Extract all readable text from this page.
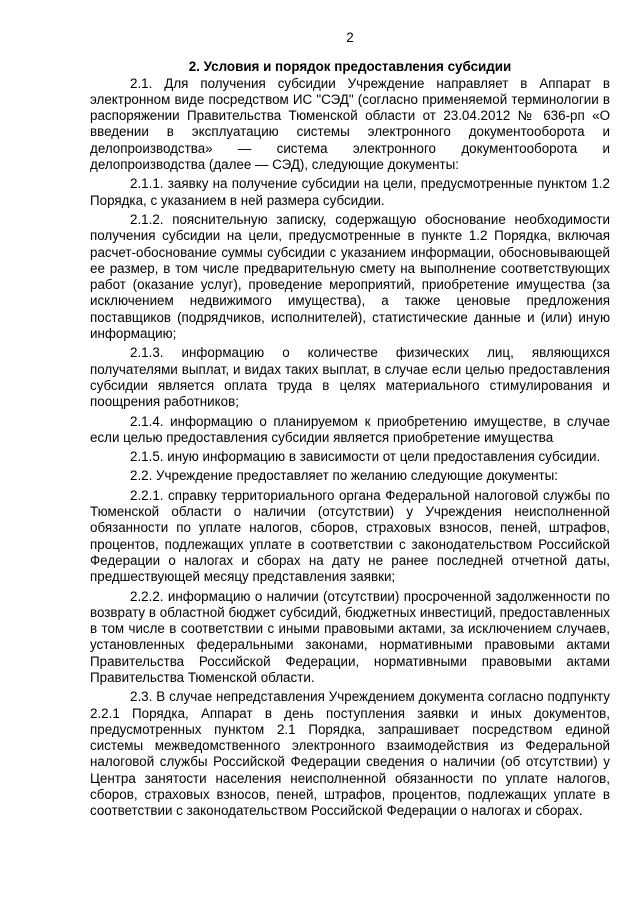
2
2. Условия и порядок предоставления субсидии

2.1. Для получения субсидии Учреждение направляет в Аппарат в электронном виде посредством ИС "СЭД" (согласно применяемой терминологии в распоряжении Правительства Тюменской области от 23.04.2012 № 636-рп «О введении в эксплуатацию системы электронного документооборота и делопроизводства» — система электронного документооборота и делопроизводства (далее — СЭД), следующие документы:

2.1.1. заявку на получение субсидии на цели, предусмотренные пунктом 1.2 Порядка, с указанием в ней размера субсидии.

2.1.2. пояснительную записку, содержащую обоснование необходимости получения субсидии на цели, предусмотренные в пункте 1.2 Порядка, включая расчет-обоснование суммы субсидии с указанием информации, обосновывающей ее размер, в том числе предварительную смету на выполнение соответствующих работ (оказание услуг), проведение мероприятий, приобретение имущества (за исключением недвижимого имущества), а также ценовые предложения поставщиков (подрядчиков, исполнителей), статистические данные и (или) иную информацию;

2.1.3. информацию о количестве физических лиц, являющихся получателями выплат, и видах таких выплат, в случае если целью предоставления субсидии является оплата труда в целях материального стимулирования и поощрения работников;

2.1.4. информацию о планируемом к приобретению имуществе, в случае если целью предоставления субсидии является приобретение имущества

2.1.5. иную информацию в зависимости от цели предоставления субсидии.

2.2. Учреждение предоставляет по желанию следующие документы:

2.2.1. справку территориального органа Федеральной налоговой службы по Тюменской области о наличии (отсутствии) у Учреждения неисполненной обязанности по уплате налогов, сборов, страховых взносов, пеней, штрафов, процентов, подлежащих уплате в соответствии с законодательством Российской Федерации о налогах и сборах на дату не ранее последней отчетной даты, предшествующей месяцу представления заявки;

2.2.2. информацию о наличии (отсутствии) просроченной задолженности по возврату в областной бюджет субсидий, бюджетных инвестиций, предоставленных в том числе в соответствии с иными правовыми актами, за исключением случаев, установленных федеральными законами, нормативными правовыми актами Правительства Российской Федерации, нормативными правовыми актами Правительства Тюменской области.

2.3. В случае непредставления Учреждением документа согласно подпункту 2.2.1 Порядка, Аппарат в день поступления заявки и иных документов, предусмотренных пунктом 2.1 Порядка, запрашивает посредством единой системы межведомственного электронного взаимодействия из Федеральной налоговой службы Российской Федерации сведения о наличии (об отсутствии) у Центра занятости населения неисполненной обязанности по уплате налогов, сборов, страховых взносов, пеней, штрафов, процентов, подлежащих уплате в соответствии с законодательством Российской Федерации о налогах и сборах.
